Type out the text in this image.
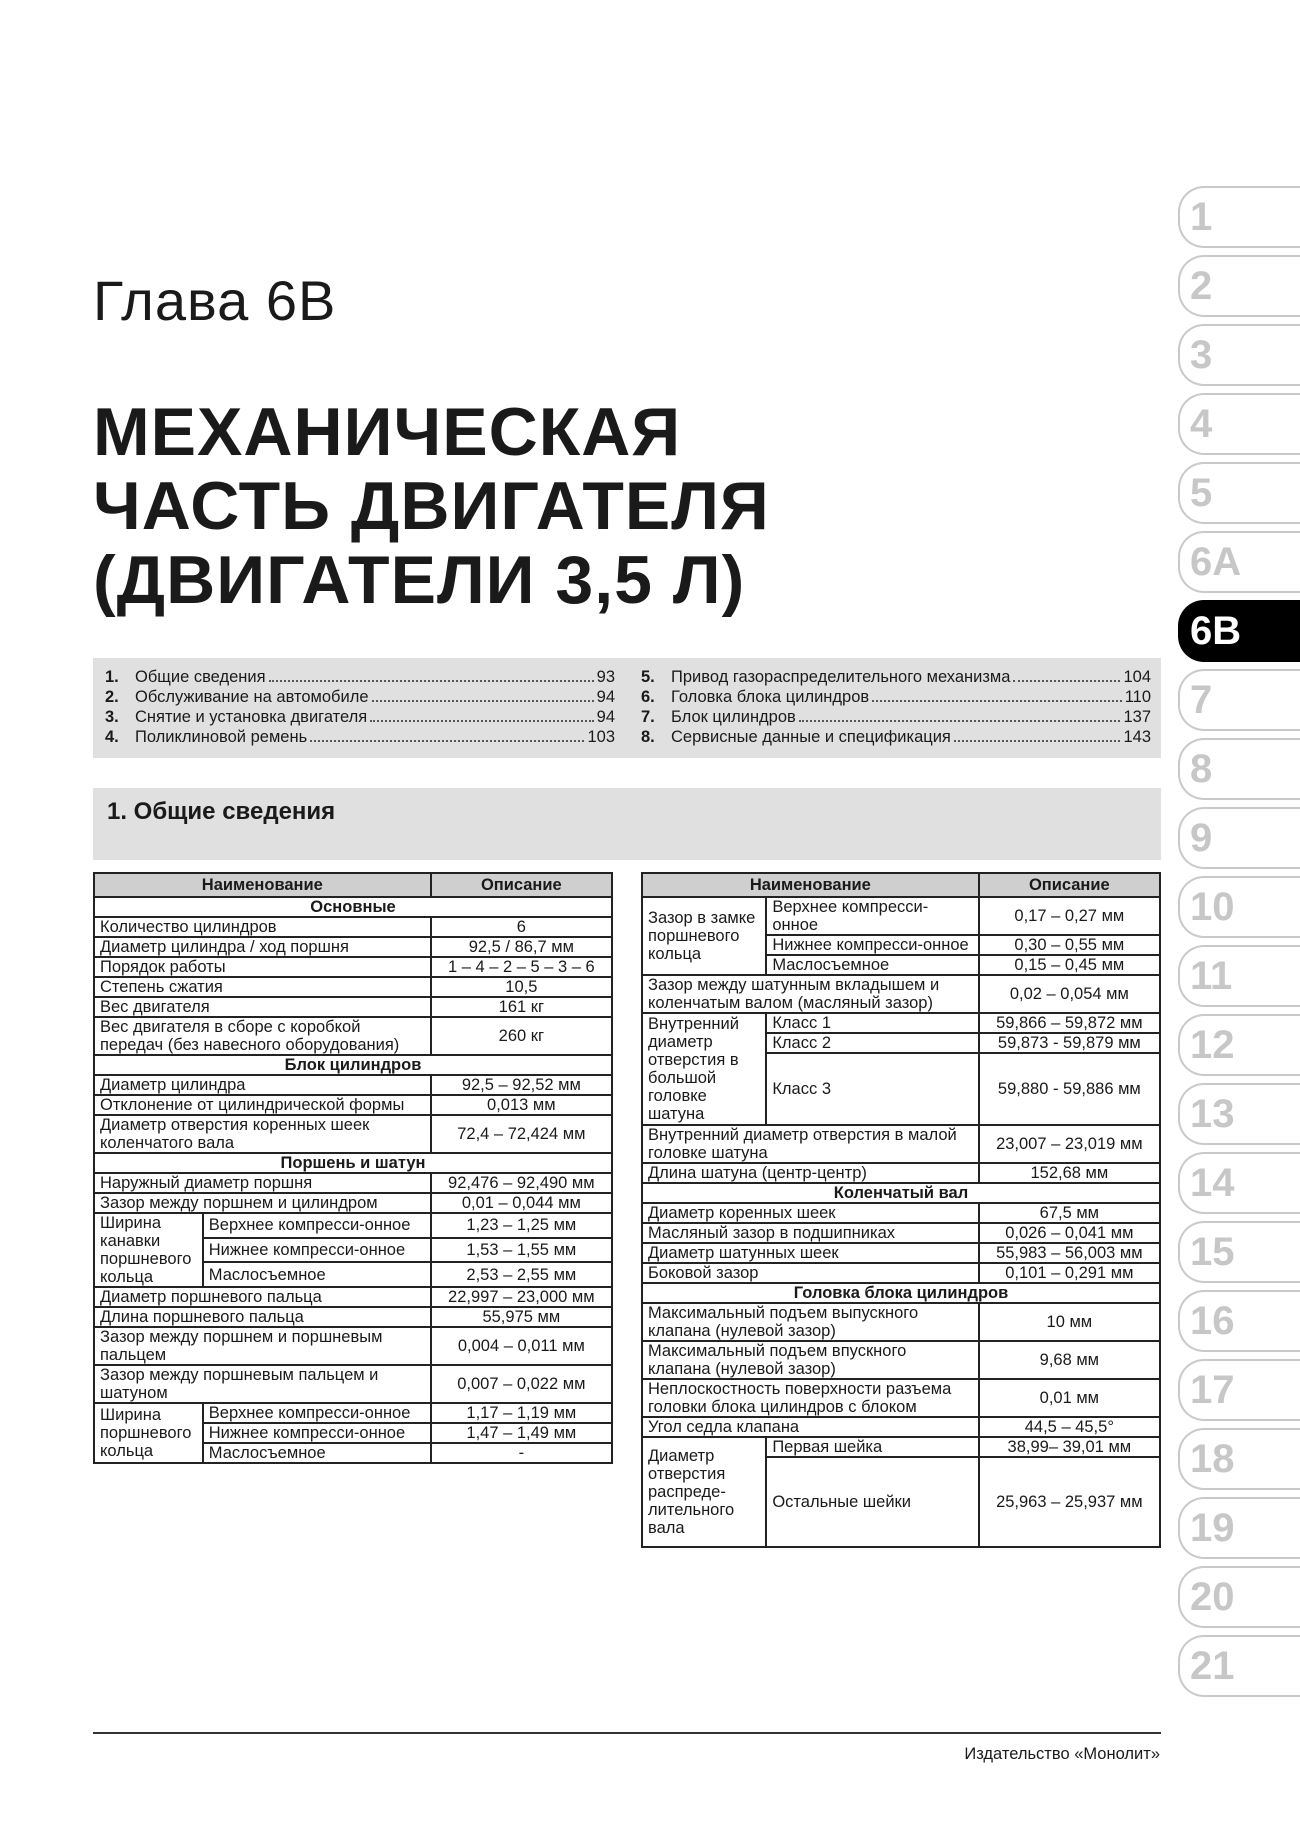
Глава 6В
МЕХАНИЧЕСКАЯ
ЧАСТЬ ДВИГАТЕЛЯ
(ДВИГАТЕЛИ 3,5 Л)
1
2
3
4
5
6А
6В
7
8
9
10
11
12
13
14
15
16
17
18
19
20
21
1. Общие сведения	93
2. Обслуживание на автомобиле	94
3. Снятие и установка двигателя	94
4. Поликлиновой ремень	103
5. Привод газораспределительного механизма	104
6. Головка блока цилиндров	110
7. Блок цилиндров	137
8. Сервисные данные и спецификация	143
1. Общие сведения
Наименование		Описание
Основные		
Количество цилиндров		6
Диаметр цилиндра / ход поршня		92,5 / 86,7 мм
Порядок работы		1 – 4 – 2 – 5 – 3 – 6
Степень сжатия		10,5
Вес двигателя		161 кг
Вес двигателя в сборе с коробкой передач (без навесного оборудования)		260 кг
Блок цилиндров		
Диаметр цилиндра		92,5 – 92,52 мм
Отклонение от цилиндрической формы		0,013 мм
Диаметр отверстия коренных шеек коленчатого вала		72,4 – 72,424 мм
Поршень и шатун		
Наружный диаметр поршня		92,476 – 92,490 мм
Зазор между поршнем и цилиндром		0,01 – 0,044 мм
Ширина канавки поршневого кольца	Верхнее компресси-онное	1,23 – 1,25 мм
	Нижнее компресси-онное	1,53 – 1,55 мм
	Маслосъемное	2,53 – 2,55 мм
Диаметр поршневого пальца		22,997 – 23,000 мм
Длина поршневого пальца		55,975 мм
Зазор между поршнем и поршневым пальцем		0,004 – 0,011 мм
Зазор между поршневым пальцем и шатуном		0,007 – 0,022 мм
Ширина поршневого кольца	Верхнее компресси-онное	1,17 – 1,19 мм
	Нижнее компресси-онное	1,47 – 1,49 мм
	Маслосъемное	-
Наименование		Описание
Зазор в замке поршневого кольца	Верхнее компресси-онное	0,17 – 0,27 мм
	Нижнее компресси-онное	0,30 – 0,55 мм
	Маслосъемное	0,15 – 0,45 мм
Зазор между шатунным вкладышем и коленчатым валом (масляный зазор)		0,02 – 0,054 мм
Внутренний диаметр отверстия в большой головке шатуна	Класс 1	59,866 – 59,872 мм
	Класс 2	59,873 - 59,879 мм
	Класс 3	59,880 - 59,886 мм
Внутренний диаметр отверстия в малой головке шатуна		23,007 – 23,019 мм
Длина шатуна (центр-центр)		152,68 мм
Коленчатый вал		
Диаметр коренных шеек		67,5 мм
Масляный зазор в подшипниках		0,026 – 0,041 мм
Диаметр шатунных шеек		55,983 – 56,003 мм
Боковой зазор		0,101 – 0,291 мм
Головка блока цилиндров		
Максимальный подъем выпускного клапана (нулевой зазор)		10 мм
Максимальный подъем впускного клапана (нулевой зазор)		9,68 мм
Неплоскостность поверхности разъема головки блока цилиндров с блоком		0,01 мм
Угол седла клапана		44,5 – 45,5°
Диаметр отверстия распреде-лительного вала	Первая шейка	38,99– 39,01 мм
	Остальные шейки	25,963 – 25,937 мм
Издательство «Монолит»
